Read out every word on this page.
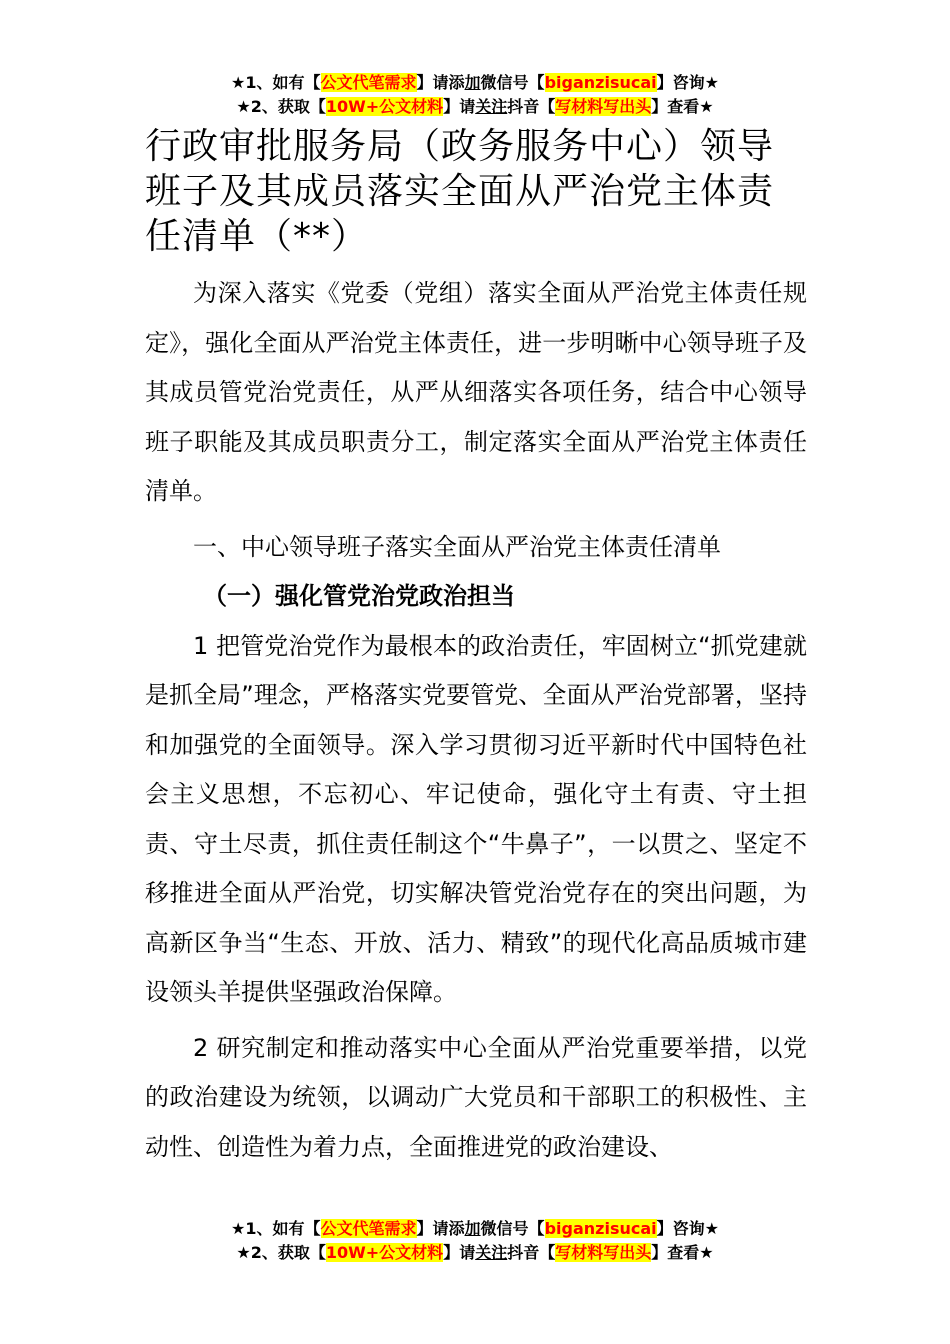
★1、如有【公文代笔需求】请添加微信号【biganzisucai】咨询★
★2、获取【10W+公文材料】请关注抖音【写材料写出头】查看★
行政审批服务局（政务服务中心）领导班子及其成员落实全面从严治党主体责任清单（**）

为深入落实《党委（党组）落实全面从严治党主体责任规定》，强化全面从严治党主体责任，进一步明晰中心领导班子及其成员管党治党责任，从严从细落实各项任务，结合中心领导班子职能及其成员职责分工，制定落实全面从严治党主体责任清单。

一、中心领导班子落实全面从严治党主体责任清单

（一）强化管党治党政治担当

1 把管党治党作为最根本的政治责任，牢固树立“抓党建就是抓全局”理念，严格落实党要管党、全面从严治党部署，坚持和加强党的全面领导。深入学习贯彻习近平新时代中国特色社会主义思想，不忘初心、牢记使命，强化守土有责、守土担责、守土尽责，抓住责任制这个“牛鼻子”，一以贯之、坚定不移推进全面从严治党，切实解决管党治党存在的突出问题，为高新区争当“生态、开放、活力、精致”的现代化高品质城市建设领头羊提供坚强政治保障。

2 研究制定和推动落实中心全面从严治党重要举措，以党的政治建设为统领，以调动广大党员和干部职工的积极性、主动性、创造性为着力点，全面推进党的政治建设、

★1、如有【公文代笔需求】请添加微信号【biganzisucai】咨询★
★2、获取【10W+公文材料】请关注抖音【写材料写出头】查看★
